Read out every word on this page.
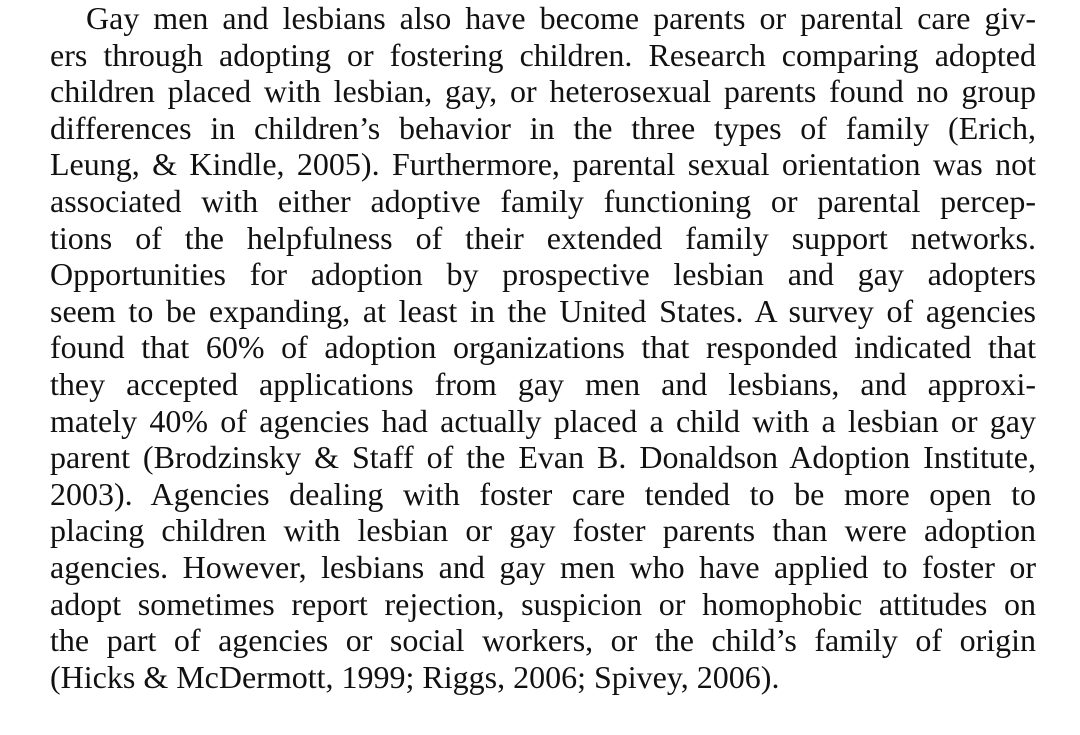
Gay men and lesbians also have become parents or parental care giv-
ers through adopting or fostering children. Research comparing adopted
children placed with lesbian, gay, or heterosexual parents found no group
differences in children’s behavior in the three types of family (Erich,
Leung, & Kindle, 2005). Furthermore, parental sexual orientation was not
associated with either adoptive family functioning or parental percep-
tions of the helpfulness of their extended family support networks.
Opportunities for adoption by prospective lesbian and gay adopters
seem to be expanding, at least in the United States. A survey of agencies
found that 60% of adoption organizations that responded indicated that
they accepted applications from gay men and lesbians, and approxi-
mately 40% of agencies had actually placed a child with a lesbian or gay
parent (Brodzinsky & Staff of the Evan B. Donaldson Adoption Institute,
2003). Agencies dealing with foster care tended to be more open to
placing children with lesbian or gay foster parents than were adoption
agencies. However, lesbians and gay men who have applied to foster or
adopt sometimes report rejection, suspicion or homophobic attitudes on
the part of agencies or social workers, or the child’s family of origin
(Hicks & McDermott, 1999; Riggs, 2006; Spivey, 2006).
